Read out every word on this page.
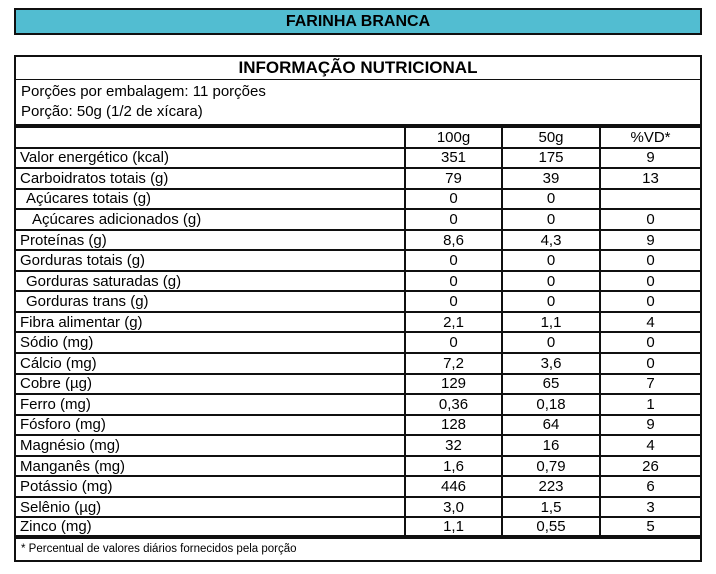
FARINHA BRANCA
INFORMAÇÃO NUTRICIONAL
Porções por embalagem: 11 porções
Porção: 50g (1/2 de xícara)
100g	50g	%VD*
Valor energético (kcal)	351	175	9
Carboidratos totais (g)	79	39	13
Açúcares totais (g)	0	0
Açúcares adicionados (g)	0	0	0
Proteínas (g)	8,6	4,3	9
Gorduras totais (g)	0	0	0
Gorduras saturadas (g)	0	0	0
Gorduras trans (g)	0	0	0
Fibra alimentar (g)	2,1	1,1	4
Sódio (mg)	0	0	0
Cálcio (mg)	7,2	3,6	0
Cobre (µg)	129	65	7
Ferro (mg)	0,36	0,18	1
Fósforo (mg)	128	64	9
Magnésio (mg)	32	16	4
Manganês (mg)	1,6	0,79	26
Potássio (mg)	446	223	6
Selênio (µg)	3,0	1,5	3
Zinco (mg)	1,1	0,55	5
* Percentual de valores diários fornecidos pela porção
